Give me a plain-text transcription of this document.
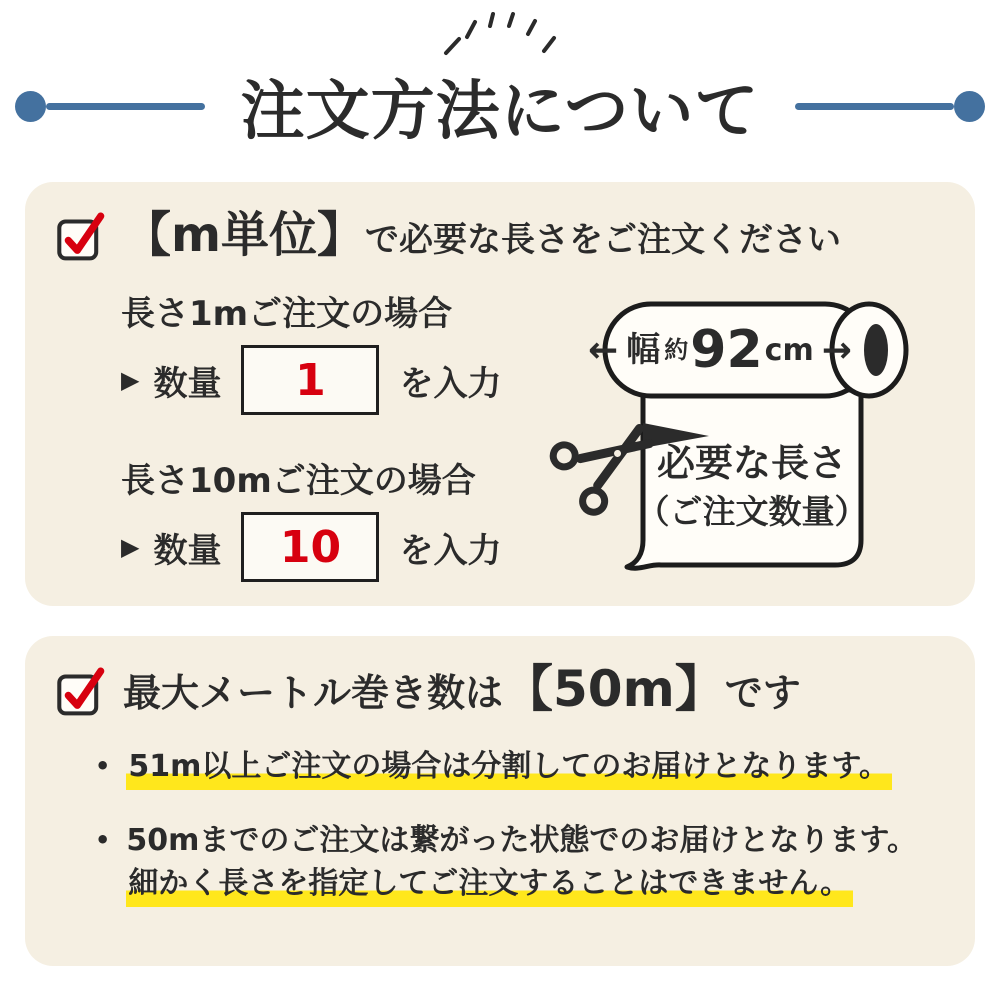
注文方法について
【m単位】で必要な長さをご注文ください
長さ1mご注文の場合
▶ 数量 1 を入力
長さ10mご注文の場合
▶ 数量 10 を入力
← 幅 約92cm →
必要な長さ
（ご注文数量）
最大メートル巻き数は【50m】です
• 51m以上ご注文の場合は分割してのお届けとなります。

• 50mまでのご注文は繋がった状態でのお届けとなります。
細かく長さを指定してご注文することはできません。
